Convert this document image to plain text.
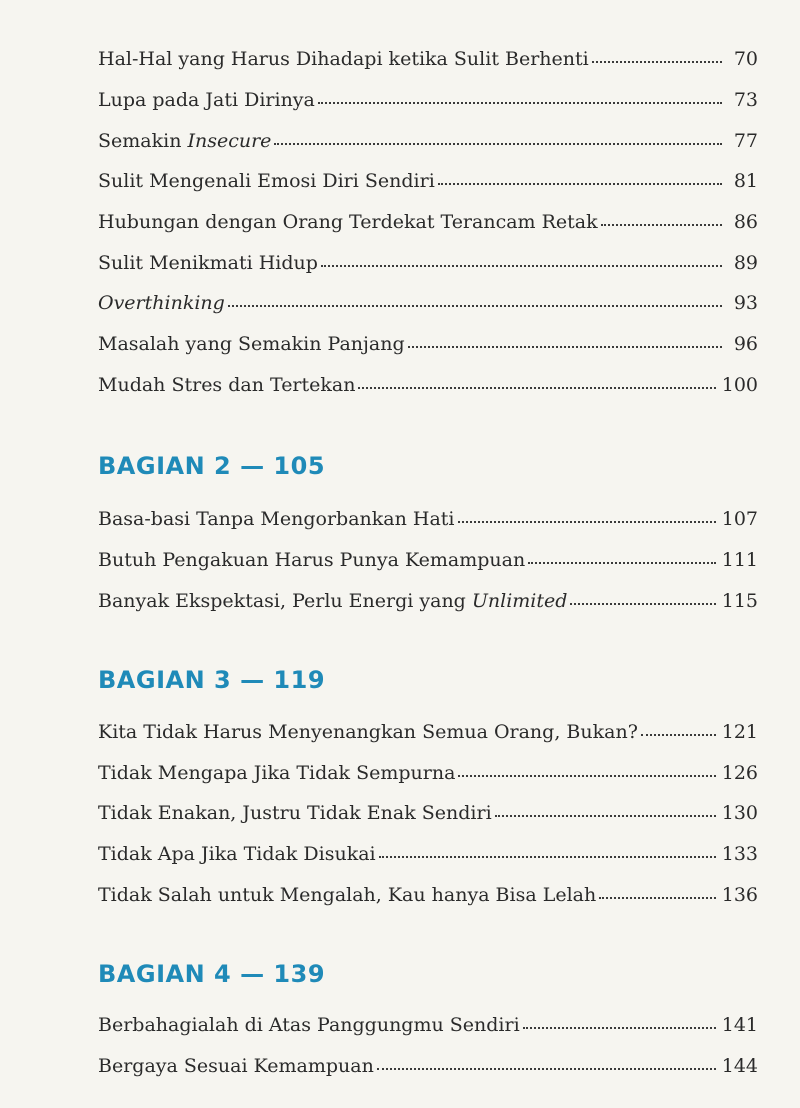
Hal-Hal yang Harus Dihadapi ketika Sulit Berhenti	70
Lupa pada Jati Dirinya	73
Semakin Insecure	77
Sulit Mengenali Emosi Diri Sendiri	81
Hubungan dengan Orang Terdekat Terancam Retak	86
Sulit Menikmati Hidup	89
Overthinking	93
Masalah yang Semakin Panjang	96
Mudah Stres dan Tertekan	100
BAGIAN 2 — 105
Basa-basi Tanpa Mengorbankan Hati	107
Butuh Pengakuan Harus Punya Kemampuan	111
Banyak Ekspektasi, Perlu Energi yang Unlimited	115
BAGIAN 3 — 119
Kita Tidak Harus Menyenangkan Semua Orang, Bukan?	121
Tidak Mengapa Jika Tidak Sempurna	126
Tidak Enakan, Justru Tidak Enak Sendiri	130
Tidak Apa Jika Tidak Disukai	133
Tidak Salah untuk Mengalah, Kau hanya Bisa Lelah	136
BAGIAN 4 — 139
Berbahagialah di Atas Panggungmu Sendiri	141
Bergaya Sesuai Kemampuan	144
